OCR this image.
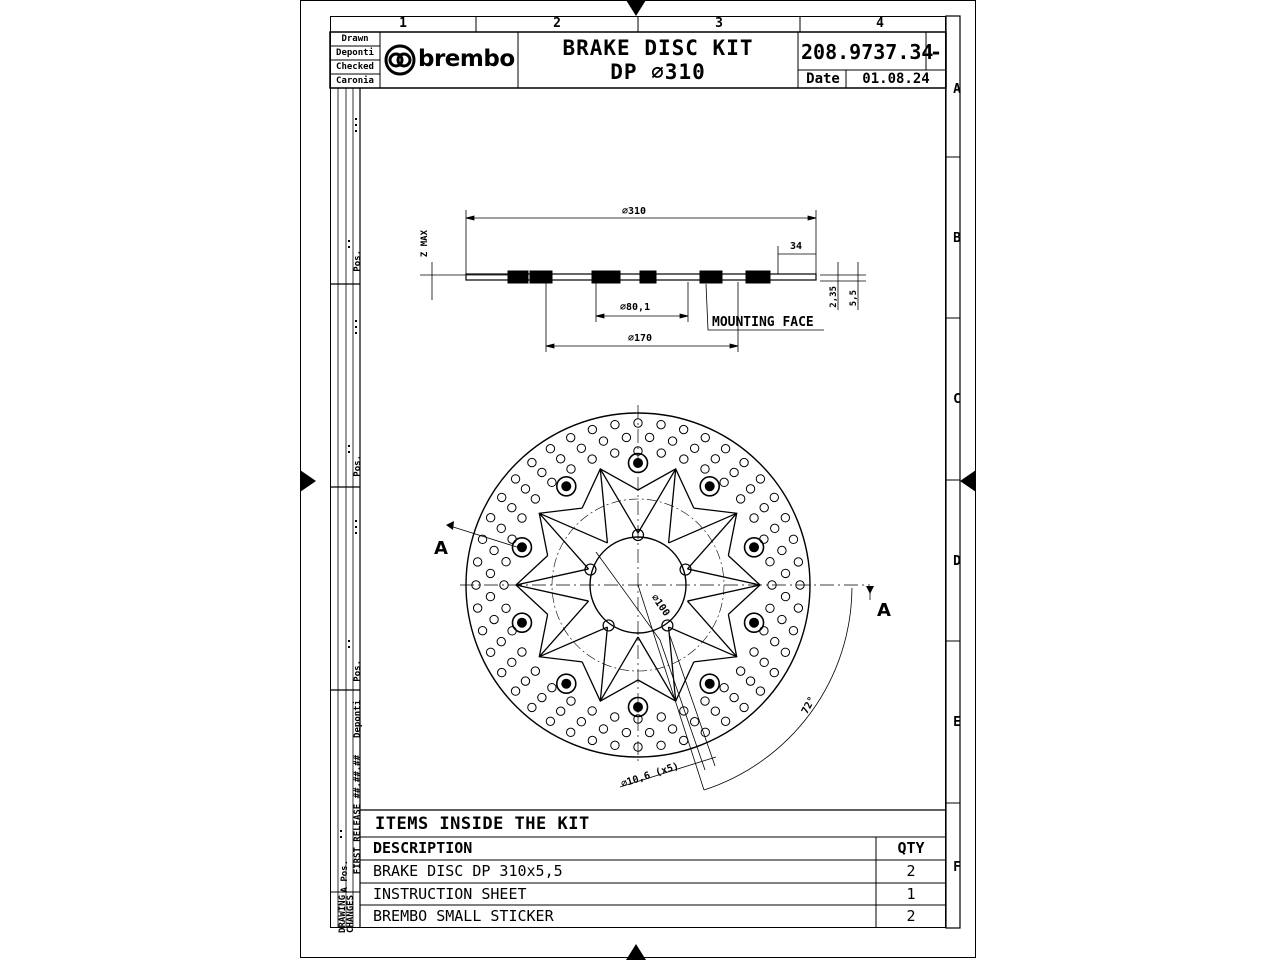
1	2	3	4
A
B
C
D
E
F
Drawn
Deponti
Checked
Caronia
brembo	BRAKE DISC KIT
DP ∅310
208.9737.34
-
Date	01.08.24
Pos.
Pos.
Pos.
Deponti
FIRST RELEASE ##.##.##
A Pos.
CHANGES
DRAWING
∅310
34
Z MAX
2,35 5,5
∅80,1
∅170
MOUNTING FACE
A
A
∅100
72°
∅10,6 (x5)
ITEMS INSIDE THE KIT
DESCRIPTION	QTY
BRAKE DISC DP 310x5,5	2
INSTRUCTION SHEET	1
BREMBO SMALL STICKER	2
